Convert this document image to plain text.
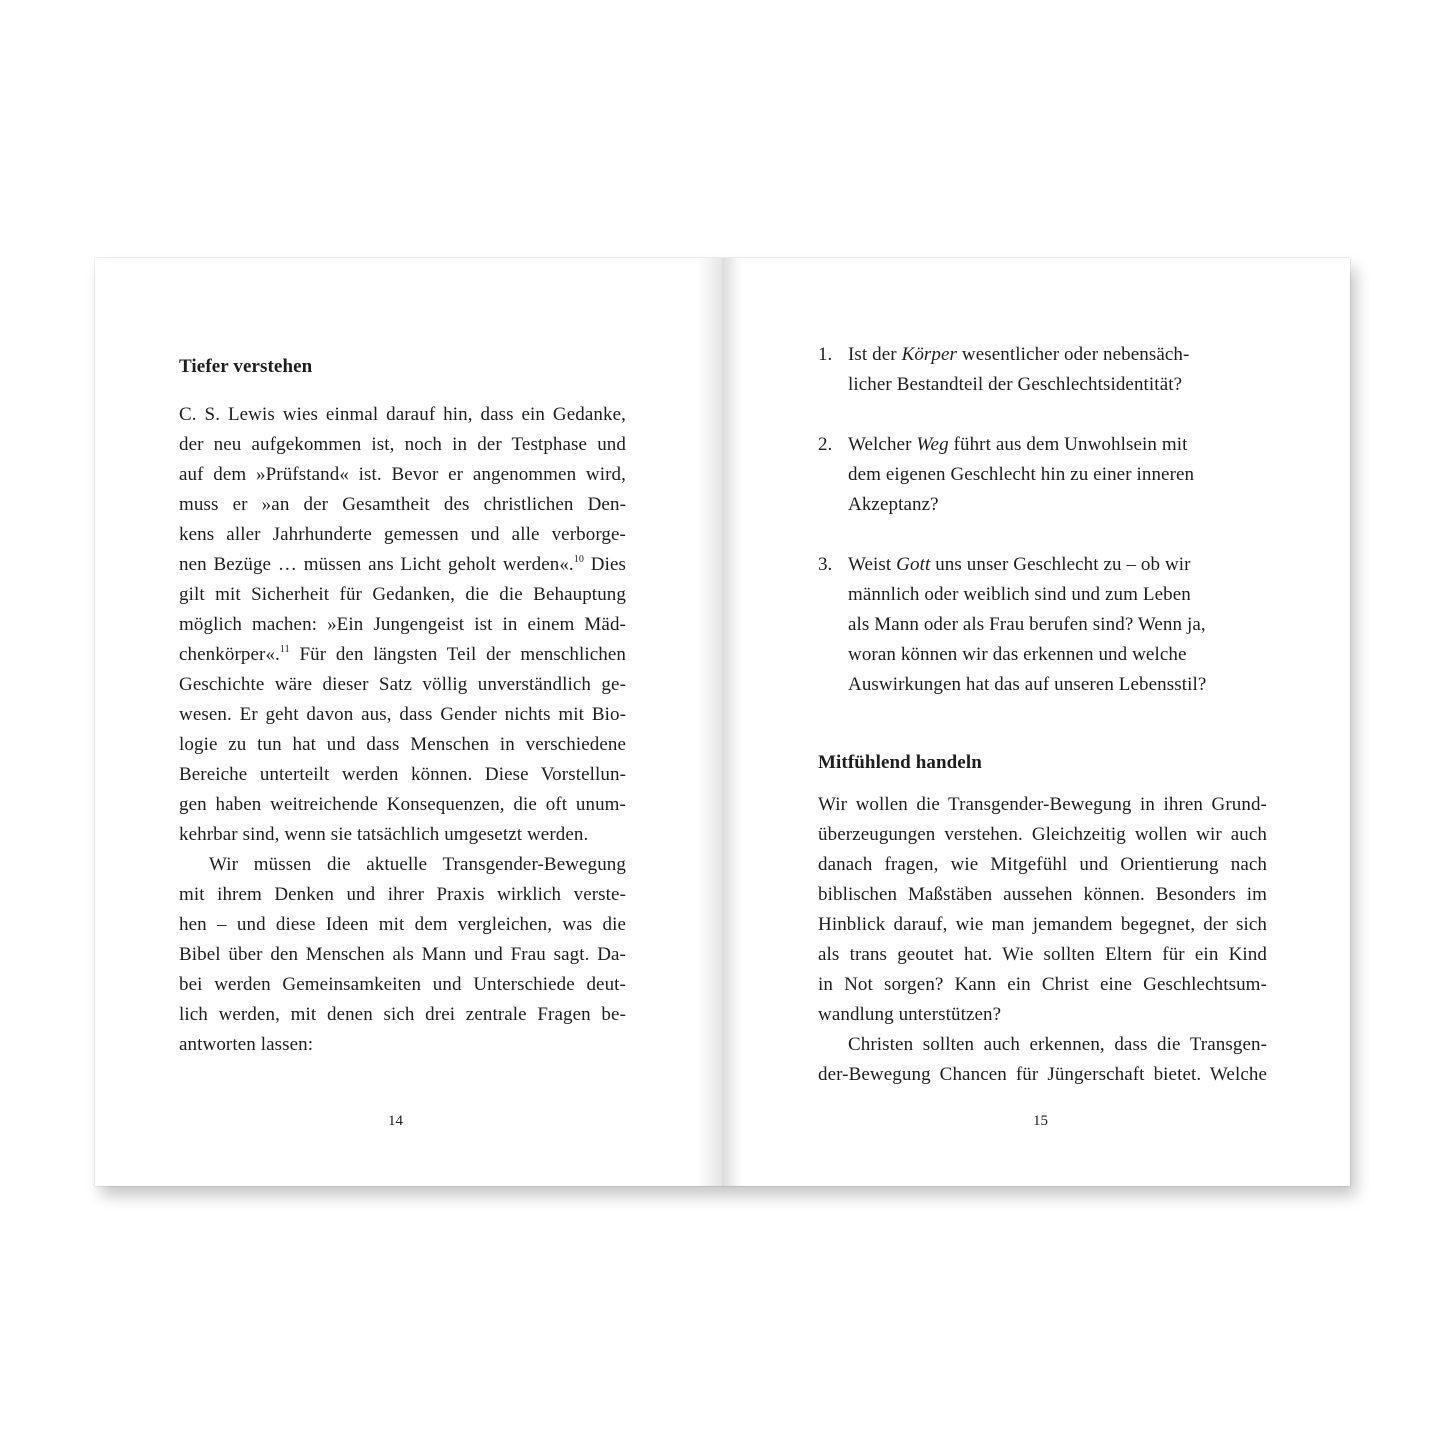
Tiefer verstehen
C. S. Lewis wies einmal darauf hin, dass ein Gedanke,
der neu aufgekommen ist, noch in der Testphase und
auf dem »Prüfstand« ist. Bevor er angenommen wird,
muss er »an der Gesamtheit des christlichen Den-
kens aller Jahrhunderte gemessen und alle verborge-
nen Bezüge … müssen ans Licht geholt werden«.$^{10}$ Dies
gilt mit Sicherheit für Gedanken, die die Behauptung
möglich machen: »Ein Jungengeist ist in einem Mäd-
chenkörper«.$^{11}$ Für den längsten Teil der menschlichen
Geschichte wäre dieser Satz völlig unverständlich ge-
wesen. Er geht davon aus, dass Gender nichts mit Bio-
logie zu tun hat und dass Menschen in verschiedene
Bereiche unterteilt werden können. Diese Vorstellun-
gen haben weitreichende Konsequenzen, die oft unum-
kehrbar sind, wenn sie tatsächlich umgesetzt werden.
Wir müssen die aktuelle Transgender-Bewegung
mit ihrem Denken und ihrer Praxis wirklich verste-
hen – und diese Ideen mit dem vergleichen, was die
Bibel über den Menschen als Mann und Frau sagt. Da-
bei werden Gemeinsamkeiten und Unterschiede deut-
lich werden, mit denen sich drei zentrale Fragen be-
antworten lassen:
14
1. Ist der Körper wesentlicher oder nebensäch-
licher Bestandteil der Geschlechtsidentität?
2. Welcher Weg führt aus dem Unwohlsein mit
dem eigenen Geschlecht hin zu einer inneren
Akzeptanz?
3. Weist Gott uns unser Geschlecht zu – ob wir
männlich oder weiblich sind und zum Leben
als Mann oder als Frau berufen sind? Wenn ja,
woran können wir das erkennen und welche
Auswirkungen hat das auf unseren Lebensstil?
Mitfühlend handeln
Wir wollen die Transgender-Bewegung in ihren Grund-
überzeugungen verstehen. Gleichzeitig wollen wir auch
danach fragen, wie Mitgefühl und Orientierung nach
biblischen Maßstäben aussehen können. Besonders im
Hinblick darauf, wie man jemandem begegnet, der sich
als trans geoutet hat. Wie sollten Eltern für ein Kind
in Not sorgen? Kann ein Christ eine Geschlechtsum-
wandlung unterstützen?
Christen sollten auch erkennen, dass die Transgen-
der-Bewegung Chancen für Jüngerschaft bietet. Welche
15
